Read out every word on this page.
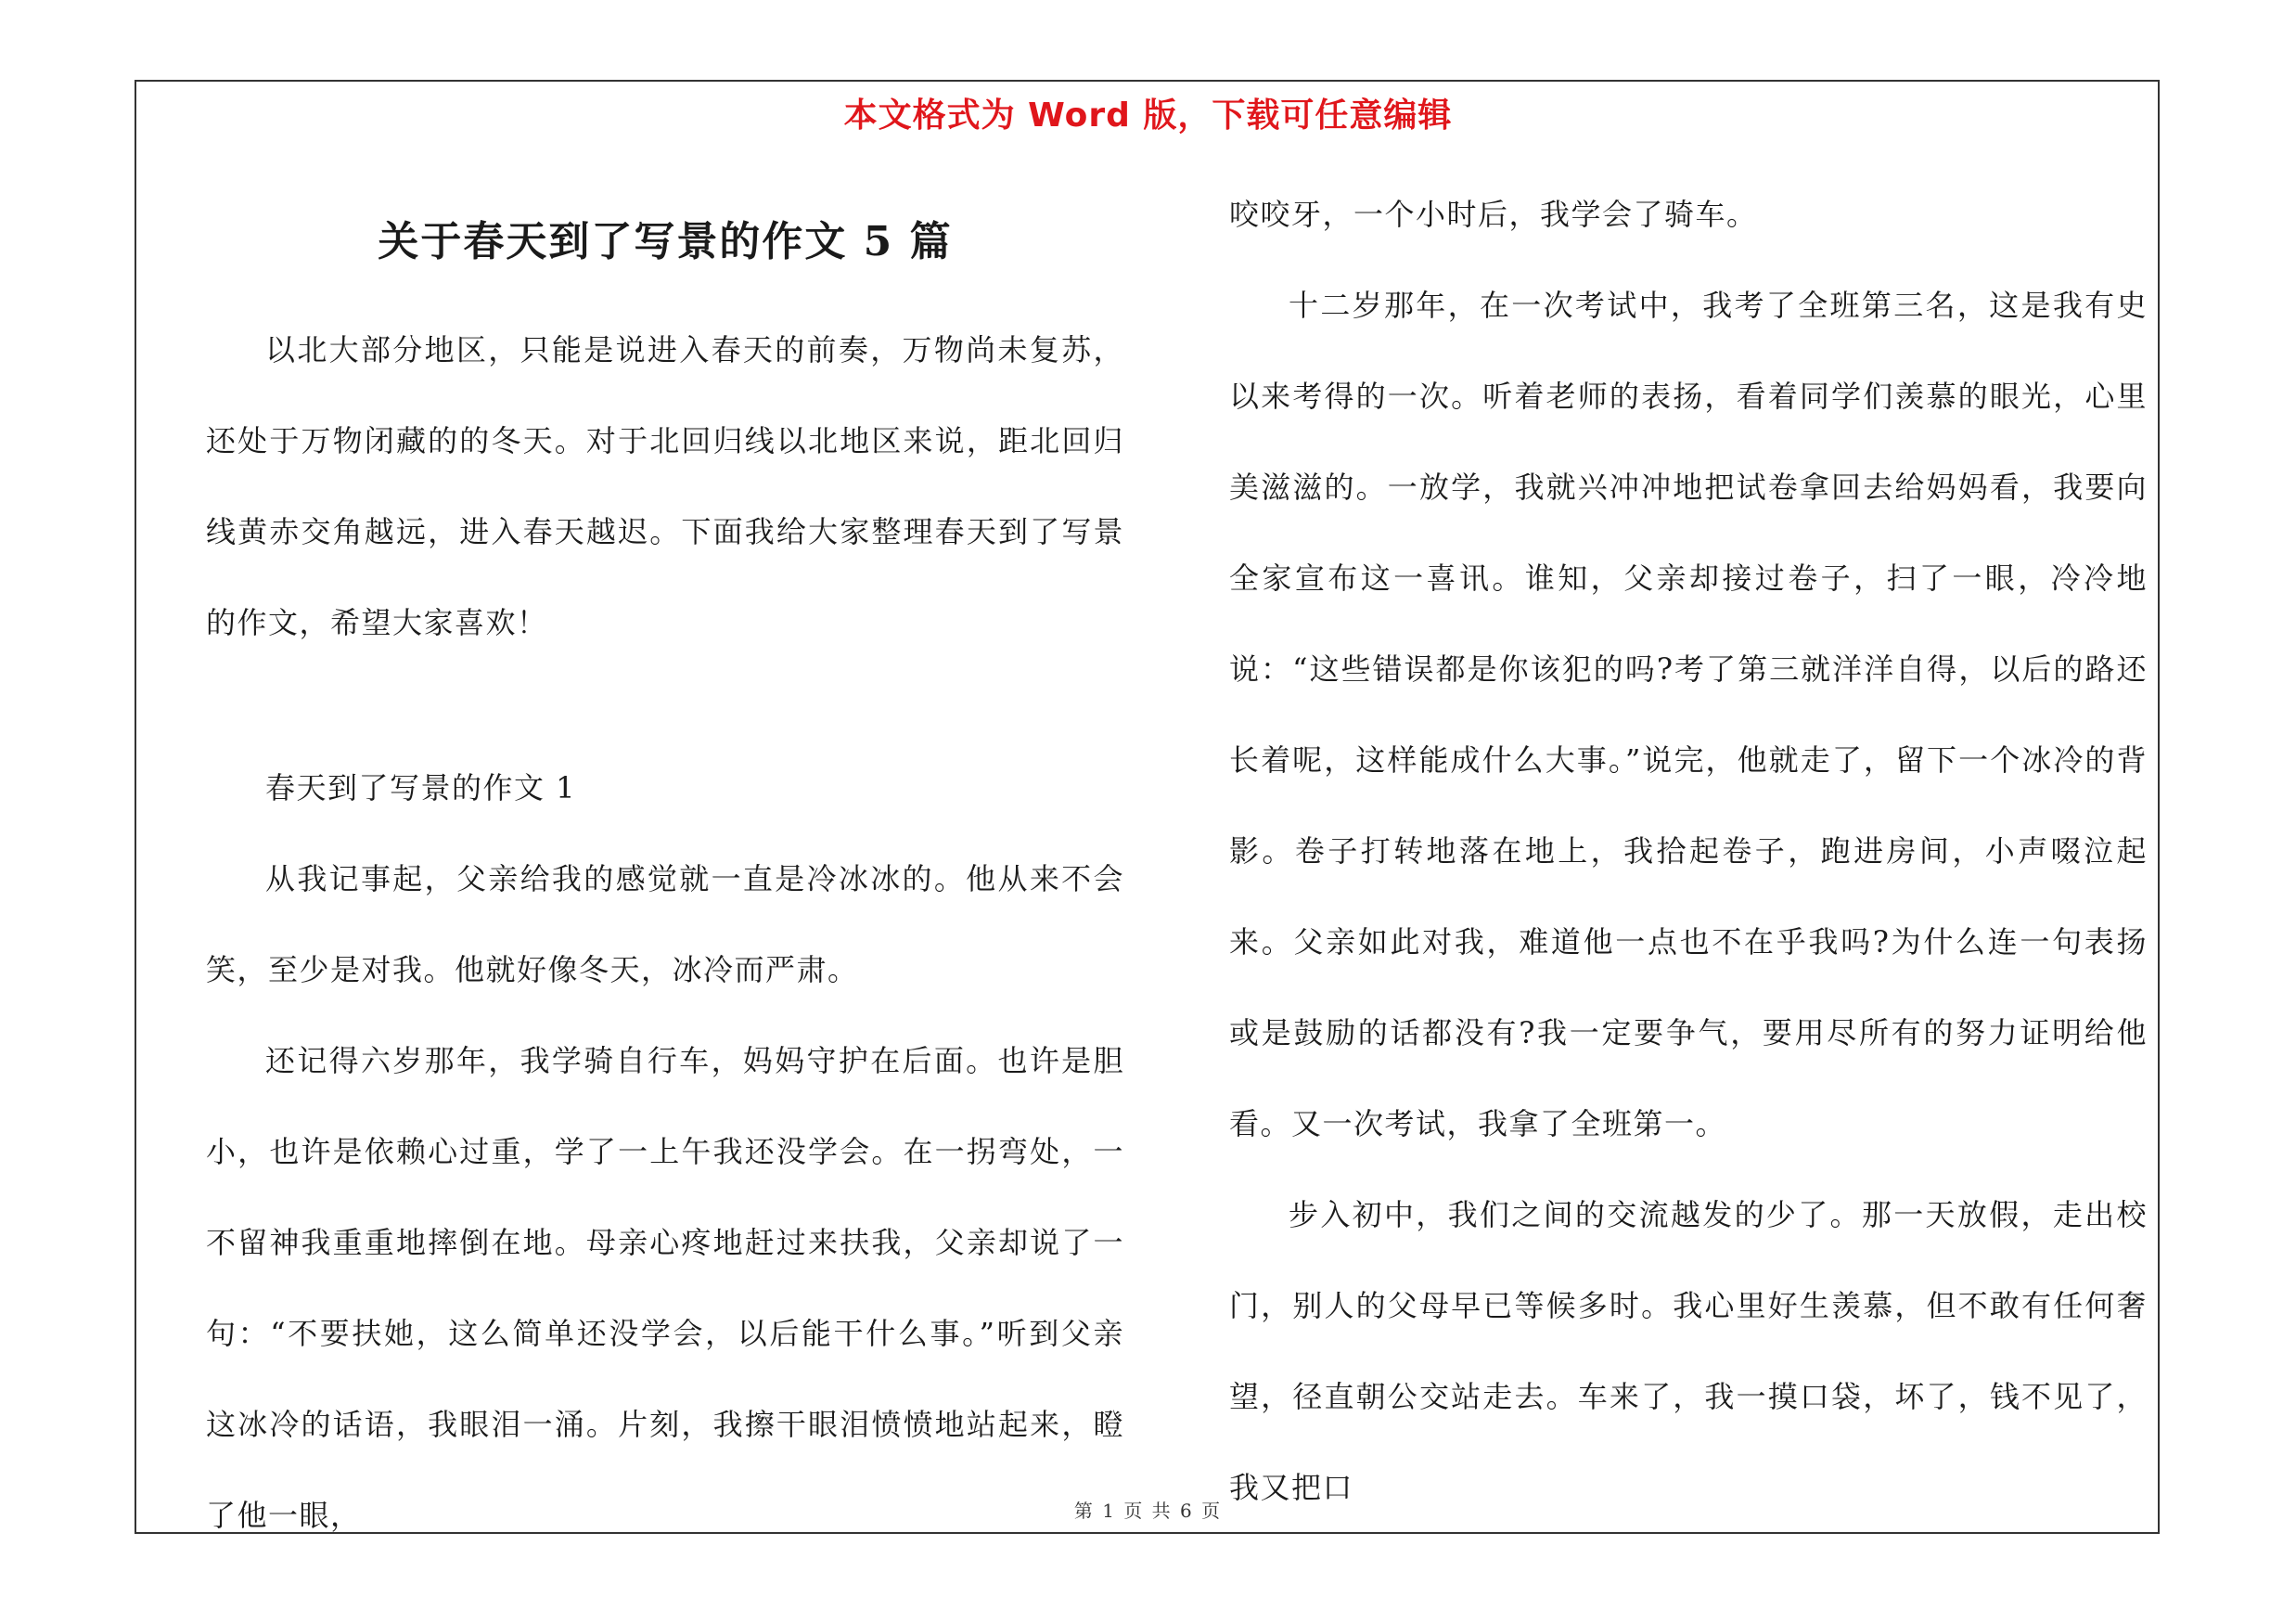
本文格式为 Word 版，下载可任意编辑
关于春天到了写景的作文 5 篇

以北大部分地区，只能是说进入春天的前奏，万物尚未复苏，还处于万物闭藏的的冬天。对于北回归线以北地区来说，距北回归线黄赤交角越远，进入春天越迟。下面我给大家整理春天到了写景的作文，希望大家喜欢！

春天到了写景的作文 1

从我记事起，父亲给我的感觉就一直是冷冰冰的。他从来不会笑，至少是对我。他就好像冬天，冰冷而严肃。

还记得六岁那年，我学骑自行车，妈妈守护在后面。也许是胆小，也许是依赖心过重，学了一上午我还没学会。在一拐弯处，一不留神我重重地摔倒在地。母亲心疼地赶过来扶我，父亲却说了一句：“不要扶她，这么简单还没学会，以后能干什么事。”听到父亲这冰冷的话语，我眼泪一涌。片刻，我擦干眼泪愤愤地站起来，瞪了他一眼，

咬咬牙，一个小时后，我学会了骑车。

十二岁那年，在一次考试中，我考了全班第三名，这是我有史以来考得的一次。听着老师的表扬，看着同学们羡慕的眼光，心里美滋滋的。一放学，我就兴冲冲地把试卷拿回去给妈妈看，我要向全家宣布这一喜讯。谁知，父亲却接过卷子，扫了一眼，冷冷地说：“这些错误都是你该犯的吗?考了第三就洋洋自得，以后的路还长着呢，这样能成什么大事。”说完，他就走了，留下一个冰冷的背影。卷子打转地落在地上，我拾起卷子，跑进房间，小声啜泣起来。父亲如此对我，难道他一点也不在乎我吗?为什么连一句表扬或是鼓励的话都没有?我一定要争气，要用尽所有的努力证明给他看。又一次考试，我拿了全班第一。

步入初中，我们之间的交流越发的少了。那一天放假，走出校门，别人的父母早已等候多时。我心里好生羡慕，但不敢有任何奢望，径直朝公交站走去。车来了，我一摸口袋，坏了，钱不见了，我又把口

第 1 页 共 6 页
